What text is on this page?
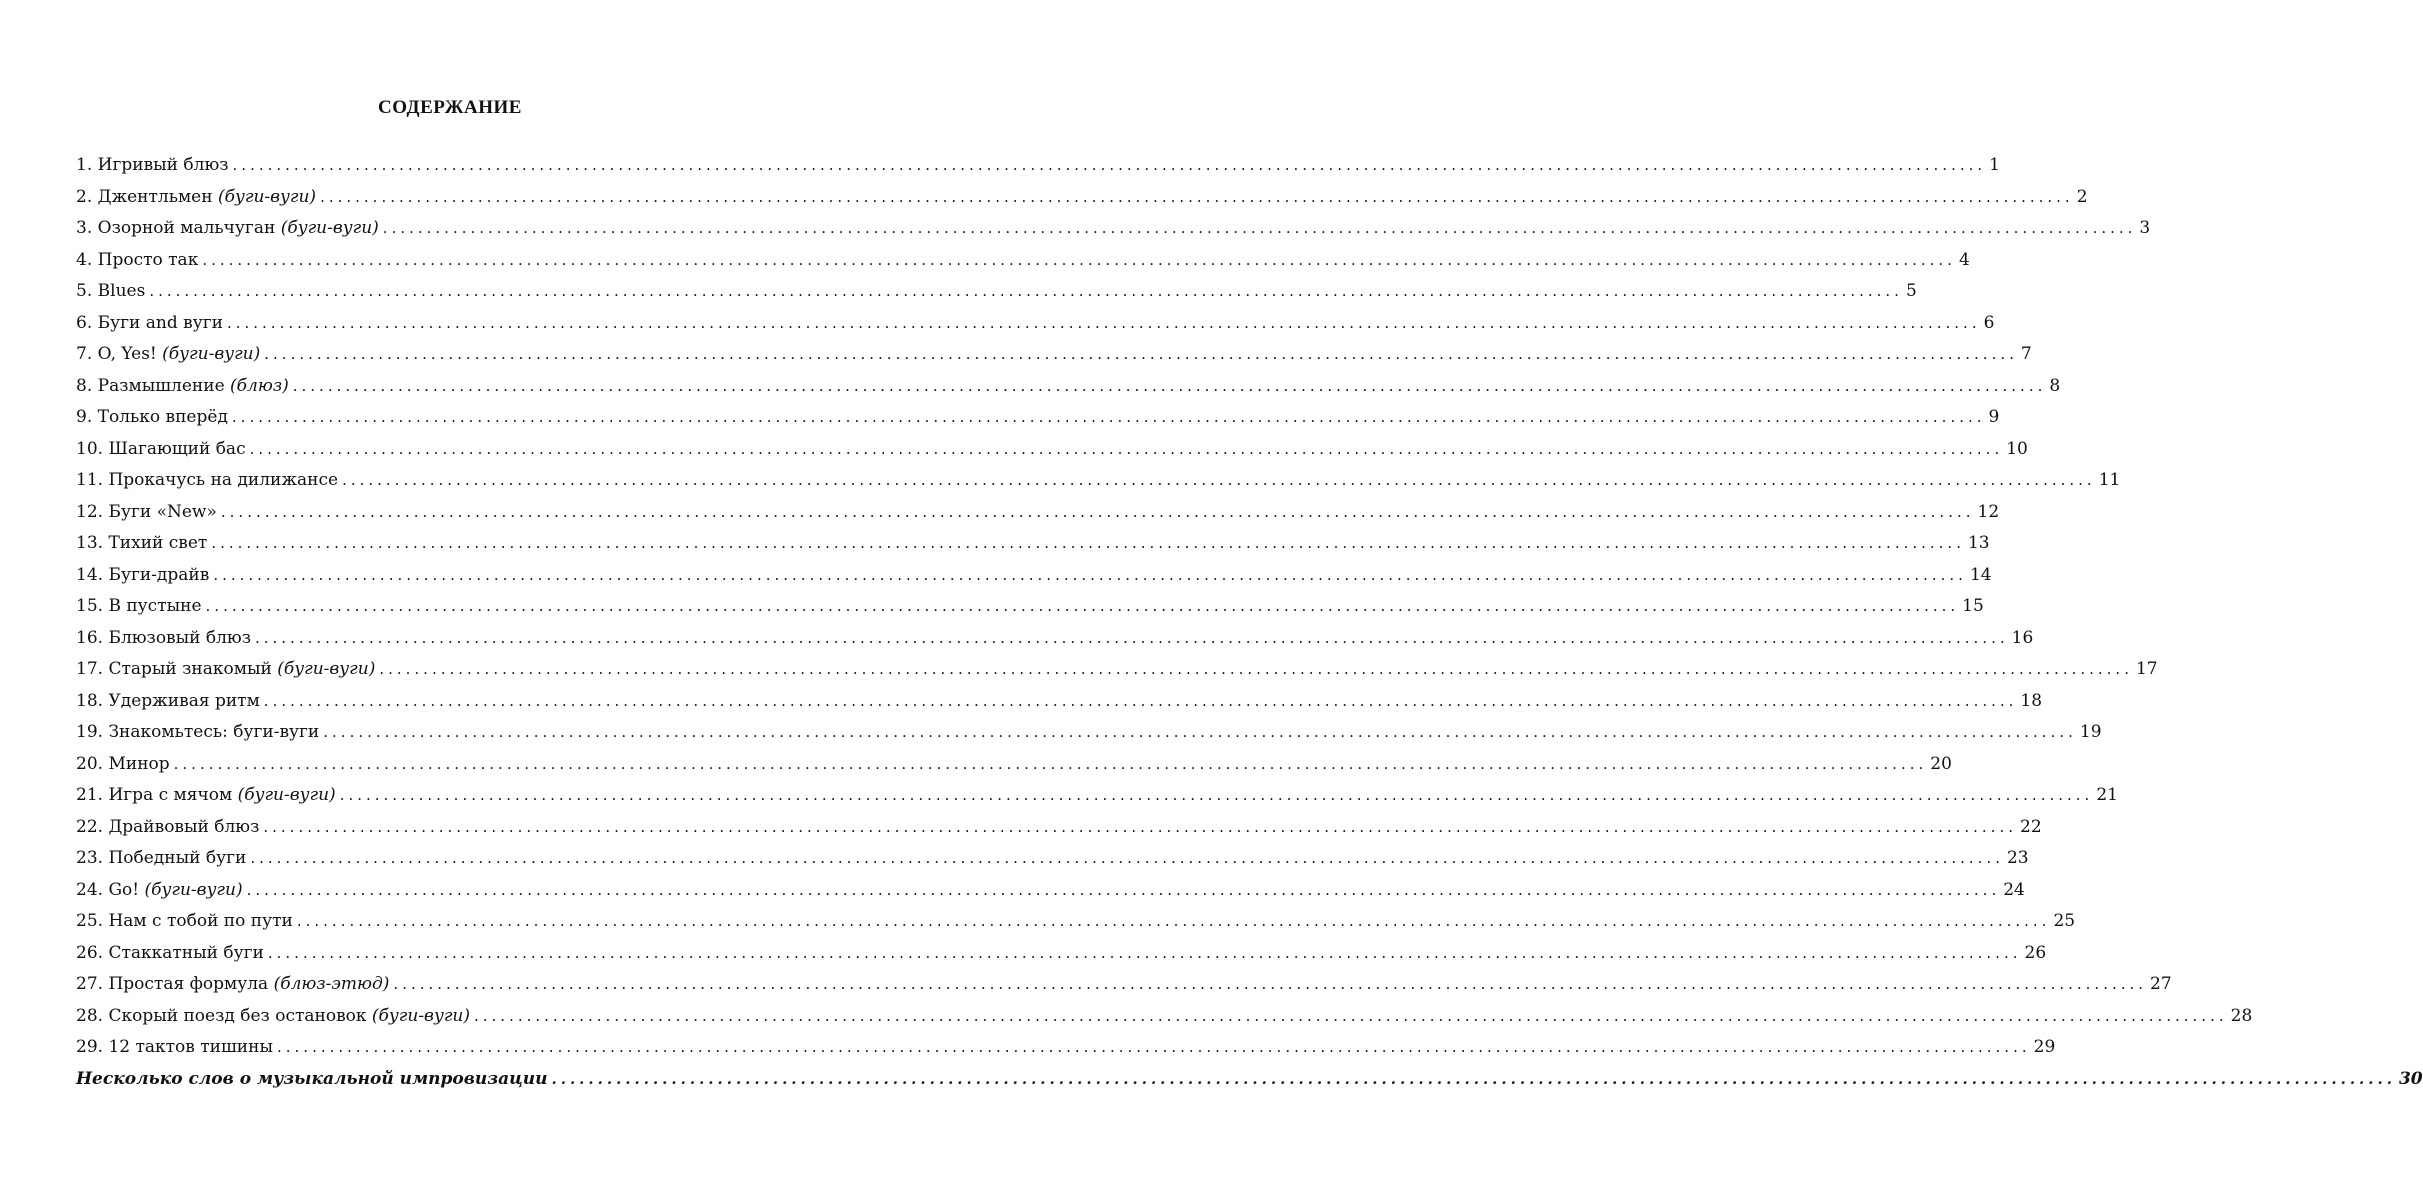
СОДЕРЖАНИЕ
1. Игривый блюз ........................................................................................................................................................................................................ 1
2. Джентльмен (буги-вуги) ........................................................................................................................................................................................................ 2
3. Озорной мальчуган (буги-вуги) ........................................................................................................................................................................................................ 3
4. Просто так ........................................................................................................................................................................................................ 4
5. Blues ........................................................................................................................................................................................................ 5
6. Буги and вуги ........................................................................................................................................................................................................ 6
7. O, Yes! (буги-вуги) ........................................................................................................................................................................................................ 7
8. Размышление (блюз) ........................................................................................................................................................................................................ 8
9. Только вперёд ........................................................................................................................................................................................................ 9
10. Шагающий бас ........................................................................................................................................................................................................ 10
11. Прокачусь на дилижансе ........................................................................................................................................................................................................ 11
12. Буги «New» ........................................................................................................................................................................................................ 12
13. Тихий свет ........................................................................................................................................................................................................ 13
14. Буги-драйв ........................................................................................................................................................................................................ 14
15. В пустыне ........................................................................................................................................................................................................ 15
16. Блюзовый блюз ........................................................................................................................................................................................................ 16
17. Старый знакомый (буги-вуги) ........................................................................................................................................................................................................ 17
18. Удерживая ритм ........................................................................................................................................................................................................ 18
19. Знакомьтесь: буги-вуги ........................................................................................................................................................................................................ 19
20. Минор ........................................................................................................................................................................................................ 20
21. Игра с мячом (буги-вуги) ........................................................................................................................................................................................................ 21
22. Драйвовый блюз ........................................................................................................................................................................................................ 22
23. Победный буги ........................................................................................................................................................................................................ 23
24. Go! (буги-вуги) ........................................................................................................................................................................................................ 24
25. Нам с тобой по пути ........................................................................................................................................................................................................ 25
26. Стаккатный буги ........................................................................................................................................................................................................ 26
27. Простая формула (блюз-этюд) ........................................................................................................................................................................................................ 27
28. Скорый поезд без остановок (буги-вуги) ........................................................................................................................................................................................................ 28
29. 12 тактов тишины ........................................................................................................................................................................................................ 29
Несколько слов о музыкальной импровизации ........................................................................................................................................................................................................ 30
